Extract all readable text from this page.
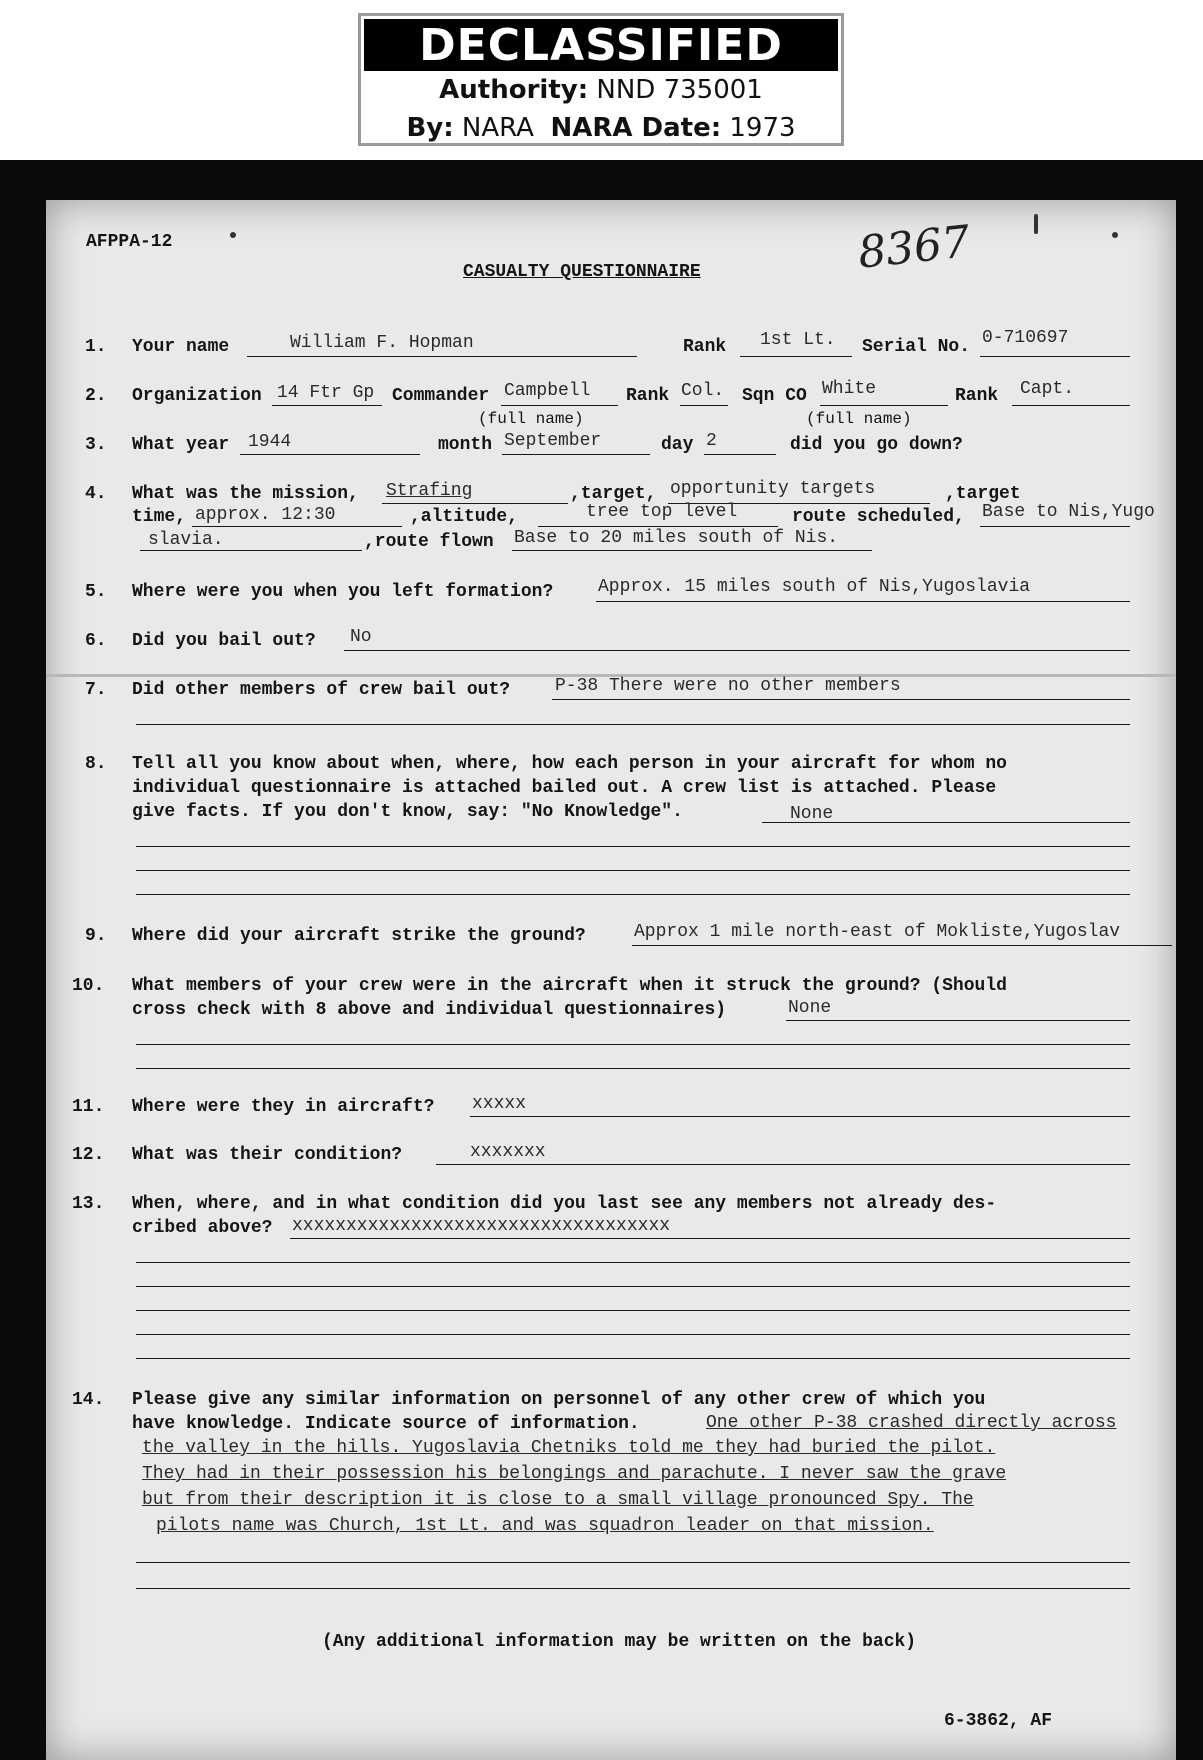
DECLASSIFIED
Authority: NND 735001
By: NARA NARA Date: 1973
AFPPA-12
CASUALTY QUESTIONNAIRE	8367
1. Your name	William F. Hopman	Rank 1st Lt. Serial No. 0-710697
2. Organization 14 Ftr Gp Commander Campbell Rank Col. Sqn CO White	Rank Capt.
(full name)	(full name)
3. What year 1944	month September	day 2	did you go down?
4. What was the mission, Strafing	,target, opportunity targets	,target
time, approx. 12:30	,altitude,	tree top level	route scheduled, Base to Nis,Yugo
slavia.	,route flown Base to 20 miles south of Nis.
5. Where were you when you left formation? Approx. 15 miles south of Nis,Yugoslavia
6. Did you bail out? No
7. Did other members of crew bail out? P-38 There were no other members
8. Tell all you know about when, where, how each person in your aircraft for whom no
individual questionnaire is attached bailed out. A crew list is attached. Please
give facts. If you don't know, say: "No Knowledge".	None
9. Where did your aircraft strike the ground?	Approx 1 mile north-east of Mokliste,Yugoslav
10. What members of your crew were in the aircraft when it struck the ground? (Should
cross check with 8 above and individual questionnaires)	None
11. Where were they in aircraft? xxxxx
12. What was their condition?	xxxxxxx
13. When, where, and in what condition did you last see any members not already des-
cribed above? xxxxxxxxxxxxxxxxxxxxxxxxxxxxxxxxxxx
14. Please give any similar information on personnel of any other crew of which you
have knowledge. Indicate source of information.	One other P-38 crashed directly across
the valley in the hills. Yugoslavia Chetniks told me they had buried the pilot.
They had in their possession his belongings and parachute. I never saw the grave
but from their description it is close to a small village pronounced Spy. The
pilots name was Church, 1st Lt. and was squadron leader on that mission.
(Any additional information may be written on the back)
6-3862, AF
